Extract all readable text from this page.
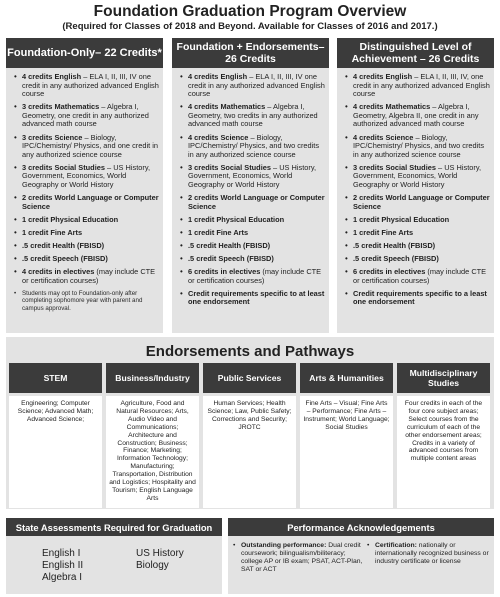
Foundation Graduation Program Overview
(Required for Classes of 2018 and Beyond. Available for Classes of 2016 and 2017.)
Foundation-Only– 22 Credits*
• 4 credits English – ELA I, II, III, IV one credit in any authorized advanced English course
• 3 credits Mathematics – Algebra I, Geometry, one credit in any authorized advanced math course
• 3 credits Science – Biology, IPC/Chemistry/ Physics, and one credit in any authorized science course
• 3 credits Social Studies – US History, Government, Economics, World Geography or World History
• 2 credits World Language or Computer Science
• 1 credit Physical Education
• 1 credit Fine Arts
• .5 credit Health (FBISD)
• .5 credit Speech (FBISD)
• 4 credits in electives (may include CTE or certification courses)
• Students may opt to Foundation-only after completing sophomore year with parent and campus approval.
Foundation + Endorsements– 26 Credits
• 4 credits English – ELA I, II, III, IV one credit in any authorized advanced English course
• 4 credits Mathematics – Algebra I, Geometry, two credits in any authorized advanced math course
• 4 credits Science – Biology, IPC/Chemistry/ Physics, and two credits in any authorized science course
• 3 credits Social Studies – US History, Government, Economics, World Geography or World History
• 2 credits World Language or Computer Science
• 1 credit Physical Education
• 1 credit Fine Arts
• .5 credit Health (FBISD)
• .5 credit Speech (FBISD)
• 6 credits in electives (may include CTE or certification courses)
• Credit requirements specific to at least one endorsement
Distinguished Level of Achievement – 26 Credits
• 4 credits English – ELA I, II, III, IV, one credit in any authorized advanced English course
• 4 credits Mathematics – Algebra I, Geometry, Algebra II, one credit in any authorized advanced math course
• 4 credits Science – Biology, IPC/Chemistry/ Physics, and two credits in any authorized science course
• 3 credits Social Studies – US History, Government, Economics, World Geography or World History
• 2 credits World Language or Computer Science
• 1 credit Physical Education
• 1 credit Fine Arts
• .5 credit Health (FBISD)
• .5 credit Speech (FBISD)
• 6 credits in electives (may include CTE or certification courses)
• Credit requirements specific to a least one endorsement
Endorsements and Pathways
STEM
Engineering; Computer Science; Advanced Math; Advanced Science;
Business/Industry
Agriculture, Food and Natural Resources; Arts, Audio Video and Communications; Architecture and Construction; Business; Finance; Marketing; Information Technology; Manufacturing; Transportation, Distribution and Logistics; Hospitality and Tourism; English Language Arts
Public Services
Human Services; Health Science; Law, Public Safety; Corrections and Security; JROTC
Arts & Humanities
Fine Arts – Visual; Fine Arts – Performance; Fine Arts – Instrument; World Language; Social Studies
Multidisciplinary Studies
Four credits in each of the four core subject areas; Select courses from the curriculum of each of the other endorsement areas; Credits in a variety of advanced courses from multiple content areas
State Assessments Required for Graduation
English I
English II
Algebra I
US History
Biology
Performance Acknowledgements
• Outstanding performance: Dual credit coursework; bilingualism/biliteracy; college AP or IB exam; PSAT, ACT-Plan, SAT or ACT
• Certification: nationally or internationally recognized business or industry certificate or license
